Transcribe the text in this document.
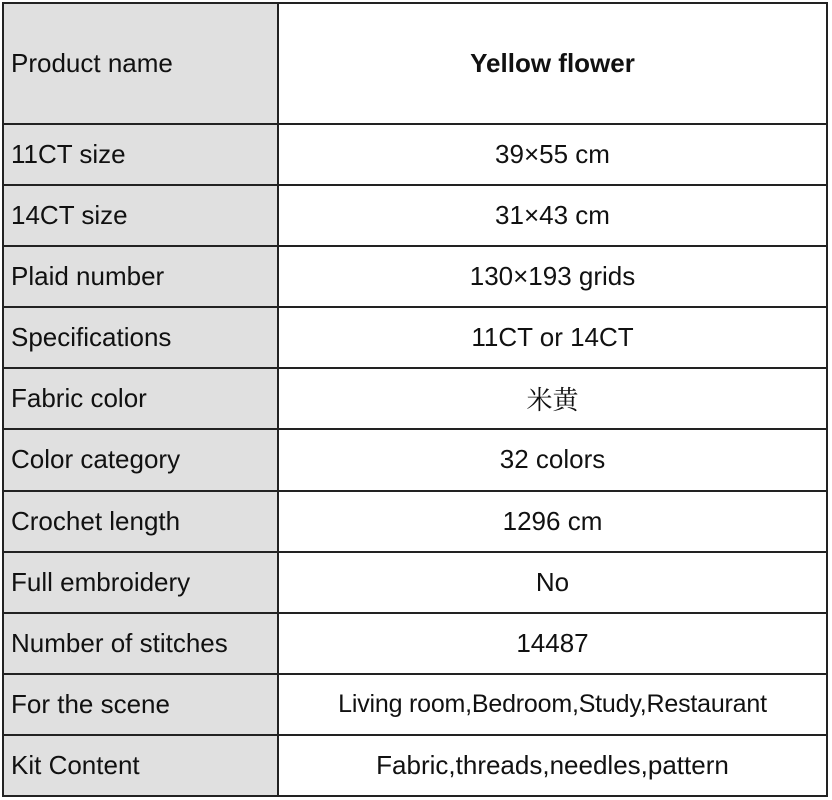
Product name	Yellow flower
11CT size	39×55 cm
14CT size	31×43 cm
Plaid number	130×193 grids
Specifications	11CT or 14CT
Fabric color	米黄
Color category	32 colors
Crochet length	1296 cm
Full embroidery	No
Number of stitches	14487
For the scene	Living room,Bedroom,Study,Restaurant
Kit Content	Fabric,threads,needles,pattern
